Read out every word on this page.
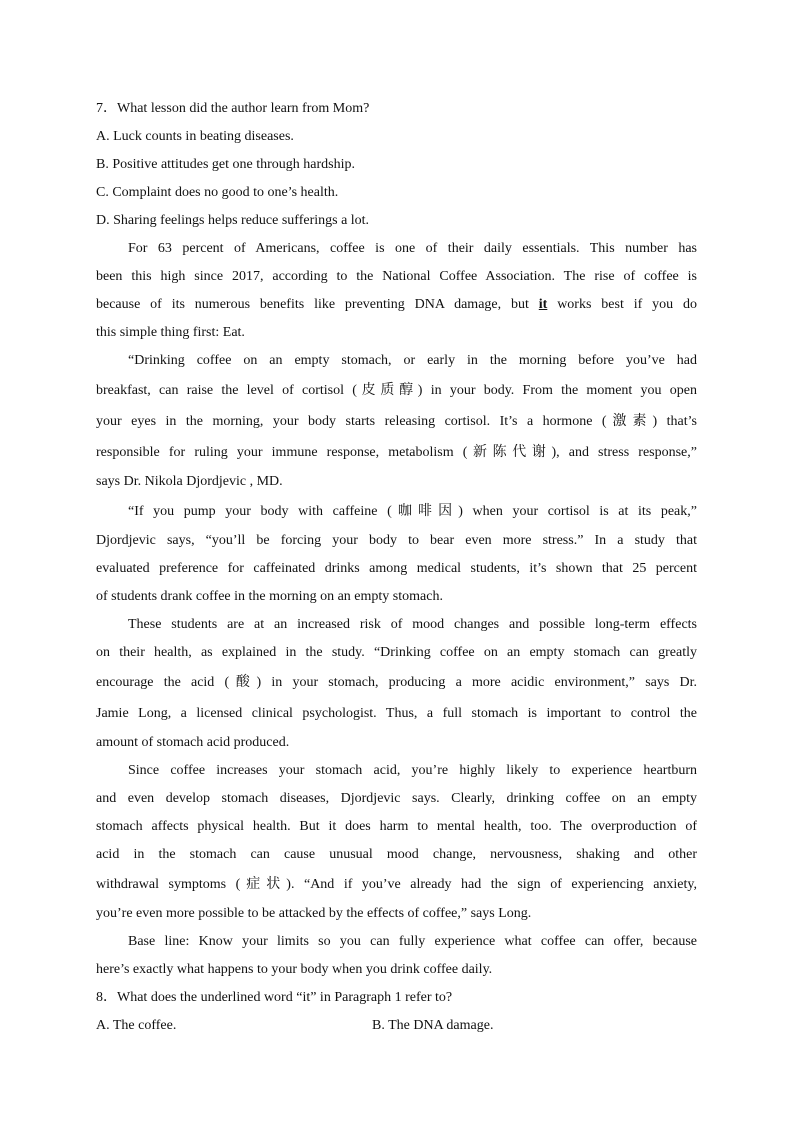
7．What lesson did the author learn from Mom?
A. Luck counts in beating diseases.
B. Positive attitudes get one through hardship.
C. Complaint does no good to one’s health.
D. Sharing feelings helps reduce sufferings a lot.
For 63 percent of Americans, coffee is one of their daily essentials. This number has
been this high since 2017, according to the National Coffee Association. The rise of coffee is
because of its numerous benefits like preventing DNA damage, but it works best if you do
this simple thing first: Eat.
“Drinking coffee on an empty stomach, or early in the morning before you’ve had
breakfast, can raise the level of cortisol (皮质醇) in your body. From the moment you open
your eyes in the morning, your body starts releasing cortisol. It’s a hormone (激素) that’s
responsible for ruling your immune response, metabolism (新陈代谢), and stress response,”
says Dr. Nikola Djordjevic , MD.
“If you pump your body with caffeine (咖啡因) when your cortisol is at its peak,”
Djordjevic says, “you’ll be forcing your body to bear even more stress.” In a study that
evaluated preference for caffeinated drinks among medical students, it’s shown that 25 percent
of students drank coffee in the morning on an empty stomach.
These students are at an increased risk of mood changes and possible long-term effects
on their health, as explained in the study. “Drinking coffee on an empty stomach can greatly
encourage the acid (酸) in your stomach, producing a more acidic environment,” says Dr.
Jamie Long, a licensed clinical psychologist. Thus, a full stomach is important to control the
amount of stomach acid produced.
Since coffee increases your stomach acid, you’re highly likely to experience heartburn
and even develop stomach diseases, Djordjevic says. Clearly, drinking coffee on an empty
stomach affects physical health. But it does harm to mental health, too. The overproduction of
acid in the stomach can cause unusual mood change, nervousness, shaking and other
withdrawal symptoms (症状). “And if you’ve already had the sign of experiencing anxiety,
you’re even more possible to be attacked by the effects of coffee,” says Long.
Base line: Know your limits so you can fully experience what coffee can offer, because
here’s exactly what happens to your body when you drink coffee daily.
8．What does the underlined word “it” in Paragraph 1 refer to?
A. The coffee.	B. The DNA damage.
